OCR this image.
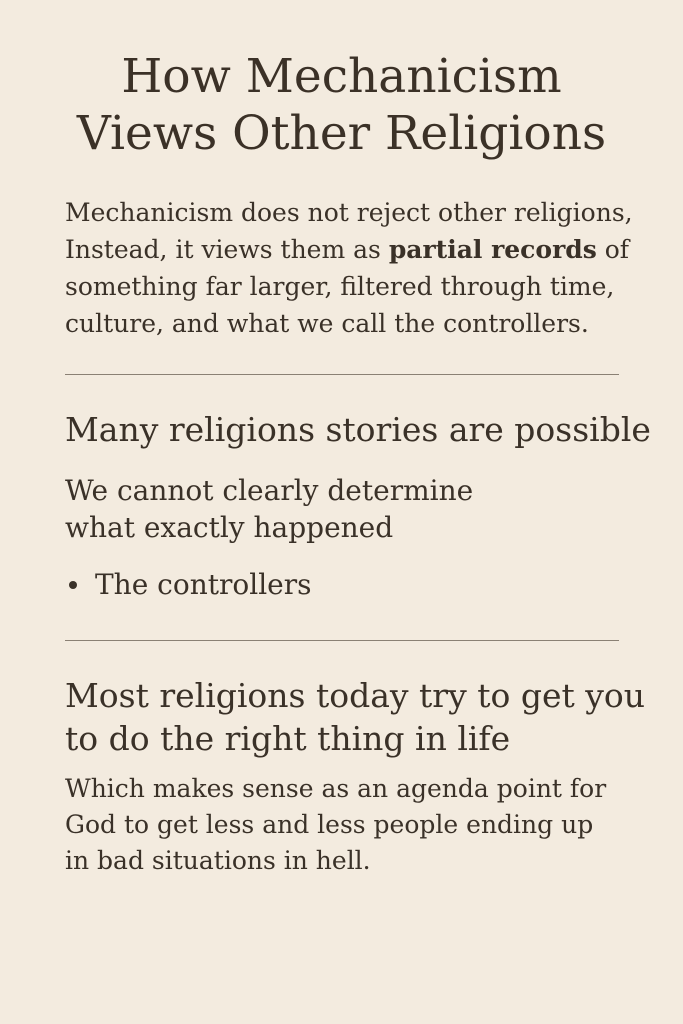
How Mechanicism
Views Other Religions

Mechanicism does not reject other religions,
Instead, it views them as partial records of
something far larger, filtered through time,
culture, and what we call the controllers.

Many religions stories are possible

We cannot clearly determine
what exactly happened

The controllers
Most religions today try to get you
to do the right thing in life

Which makes sense as an agenda point for
God to get less and less people ending up
in bad situations in hell.
